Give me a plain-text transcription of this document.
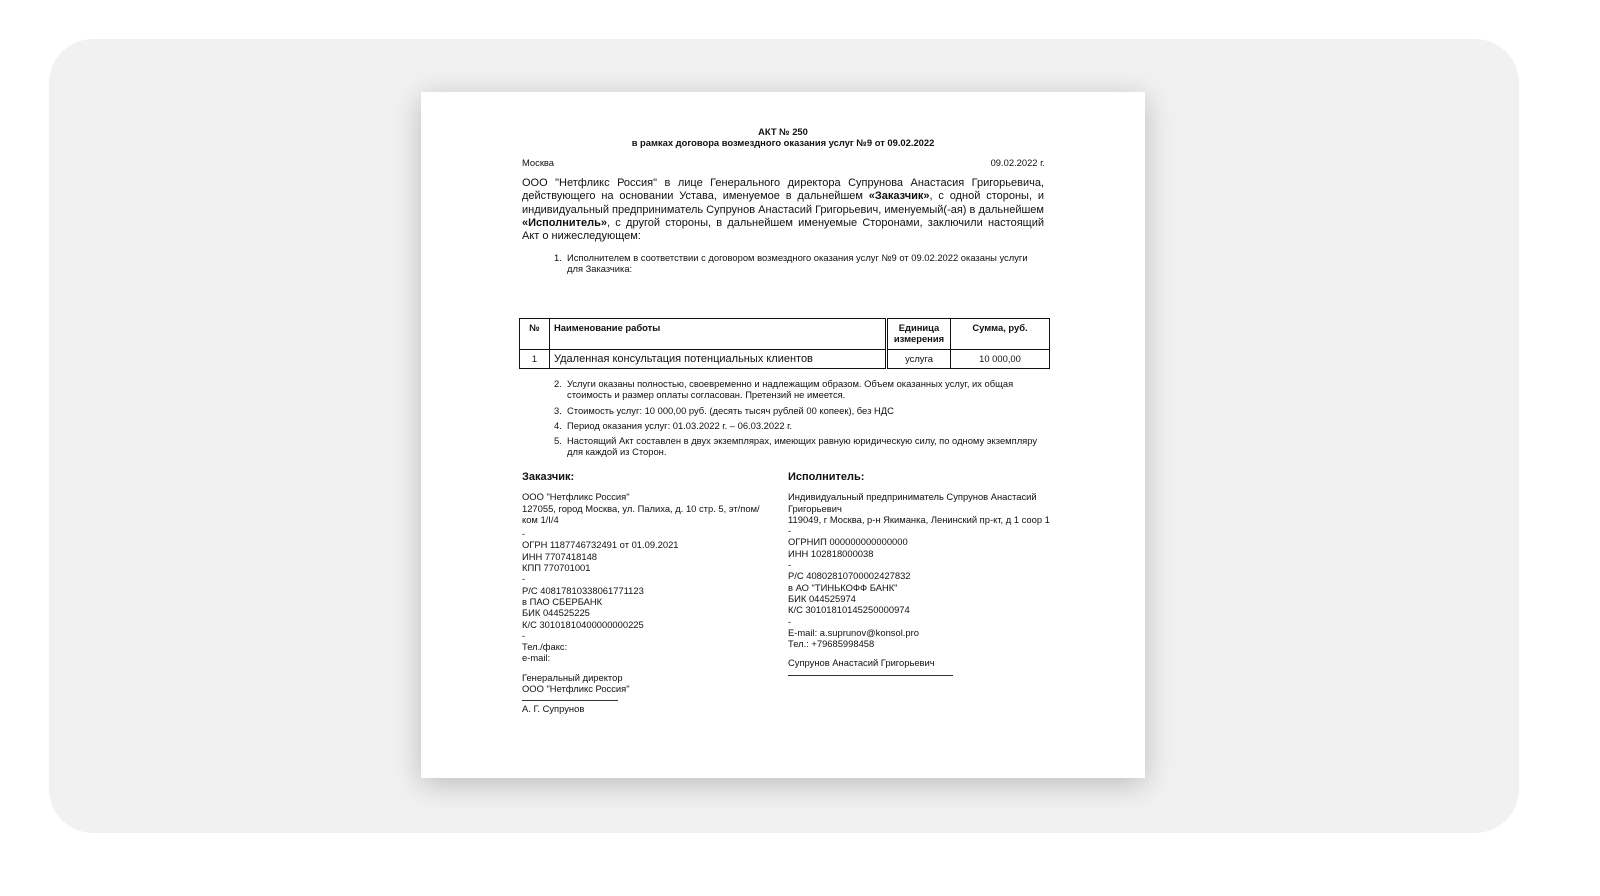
АКТ № 250
в рамках договора возмездного оказания услуг №9 от 09.02.2022
Москва	09.02.2022 г.
ООО "Нетфликс Россия" в лице Генерального директора Супрунова Анастасия Григорьевича, действующего на основании Устава, именуемое в дальнейшем «Заказчик», с одной стороны, и индивидуальный предприниматель Супрунов Анастасий Григорьевич, именуемый(-ая) в дальнейшем «Исполнитель», с другой стороны, в дальнейшем именуемые Сторонами, заключили настоящий Акт о нижеследующем:
1. Исполнителем в соответствии с договором возмездного оказания услуг №9 от 09.02.2022 оказаны услуги для Заказчика:
№	Наименование работы	Единица измерения	Сумма, руб.
1	Удаленная консультация потенциальных клиентов	услуга	10 000,00
2. Услуги оказаны полностью, своевременно и надлежащим образом. Объем оказанных услуг, их общая стоимость и размер оплаты согласован. Претензий не имеется.
3. Стоимость услуг: 10 000,00 руб. (десять тысяч рублей 00 копеек), без НДС
4. Период оказания услуг: 01.03.2022 г. – 06.03.2022 г.
5. Настоящий Акт составлен в двух экземплярах, имеющих равную юридическую силу, по одному экземпляру для каждой из Сторон.
Заказчик:

ООО "Нетфликс Россия"

127055, город Москва, ул. Палиха, д. 10 стр. 5, эт/пом/ком 1/I/4

-

ОГРН 1187746732491 от 01.09.2021

ИНН 7707418148

КПП 770701001

-

Р/С 40817810338061771123

в ПАО СБЕРБАНК

БИК 044525225

К/С 30101810400000000225

-

Тел./факс:

e-mail:

Генеральный директор

ООО "Нетфликс Россия"

А. Г. Супрунов

Исполнитель:

Индивидуальный предприниматель Супрунов Анастасий Григорьевич

119049, г Москва, р-н Якиманка, Ленинский пр-кт, д 1 соор 1

-

ОГРНИП 000000000000000

ИНН 102818000038

-

Р/С 40802810700002427832

в АО "ТИНЬКОФФ БАНК"

БИК 044525974

К/С 30101810145250000974

-

E-mail: a.suprunov@konsol.pro

Тел.: +79685998458

Супрунов Анастасий Григорьевич
